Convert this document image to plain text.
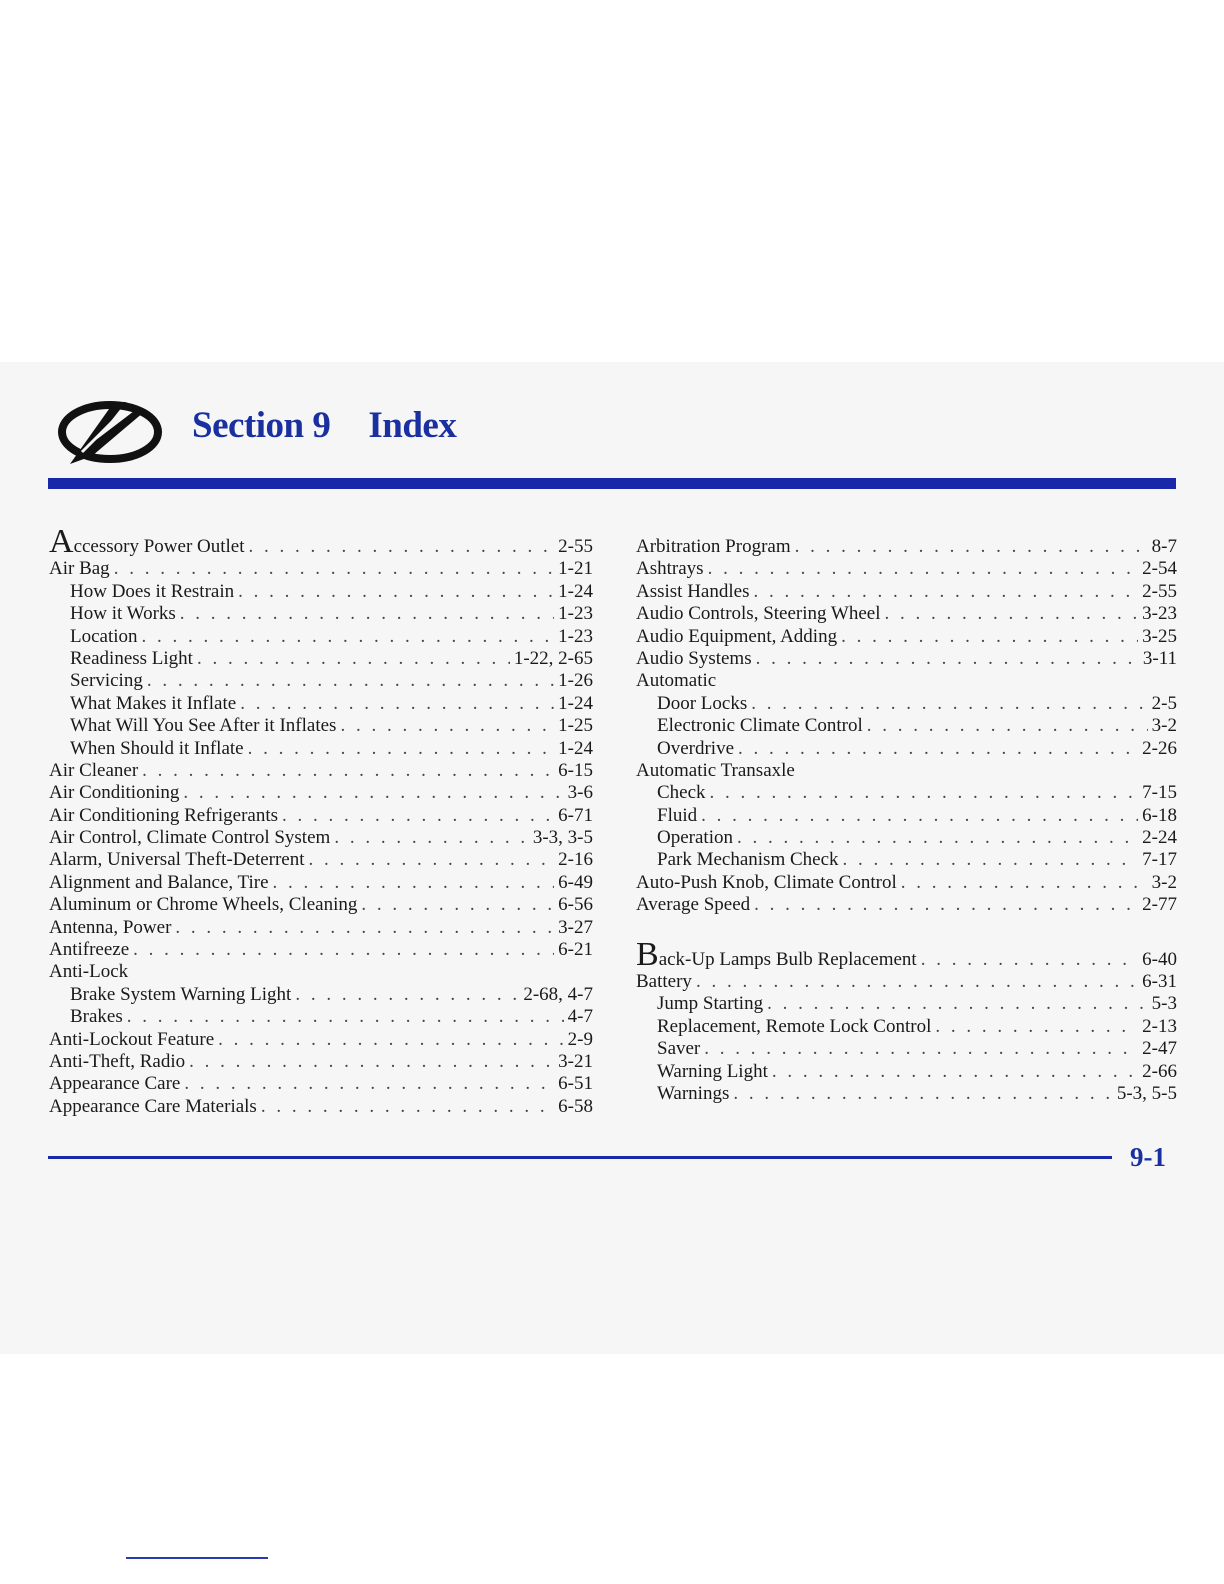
Section 9 Index
Accessory Power Outlet . . .	2-55
Air Bag . . .	1-21
How Does it Restrain . . .	1-24
How it Works . . .	1-23
Location . . .	1-23
Readiness Light . . .	1-22, 2-65
Servicing . . .	1-26
What Makes it Inflate . . .	1-24
What Will You See After it Inflates . . .	1-25
When Should it Inflate . . .	1-24
Air Cleaner . . .	6-15
Air Conditioning . . .	3-6
Air Conditioning Refrigerants . . .	6-71
Air Control, Climate Control System . . .	3-3, 3-5
Alarm, Universal Theft-Deterrent . . .	2-16
Alignment and Balance, Tire . . .	6-49
Aluminum or Chrome Wheels, Cleaning . . .	6-56
Antenna, Power . . .	3-27
Antifreeze . . .	6-21
Anti-Lock
Brake System Warning Light . . .	2-68, 4-7
Brakes . . .	4-7
Anti-Lockout Feature . . .	2-9
Anti-Theft, Radio . . .	3-21
Appearance Care . . .	6-51
Appearance Care Materials . . .	6-58
Arbitration Program . . .	8-7
Ashtrays . . .	2-54
Assist Handles . . .	2-55
Audio Controls, Steering Wheel . . .	3-23
Audio Equipment, Adding . . .	3-25
Audio Systems . . .	3-11
Automatic
Door Locks . . .	2-5
Electronic Climate Control . . .	3-2
Overdrive . . .	2-26
Automatic Transaxle
Check . . .	7-15
Fluid . . .	6-18
Operation . . .	2-24
Park Mechanism Check . . .	7-17
Auto-Push Knob, Climate Control . . .	3-2
Average Speed . . .	2-77
Back-Up Lamps Bulb Replacement . . .	6-40
Battery . . .	6-31
Jump Starting . . .	5-3
Replacement, Remote Lock Control . . .	2-13
Saver . . .	2-47
Warning Light . . .	2-66
Warnings . . .	5-3, 5-5
9-1
